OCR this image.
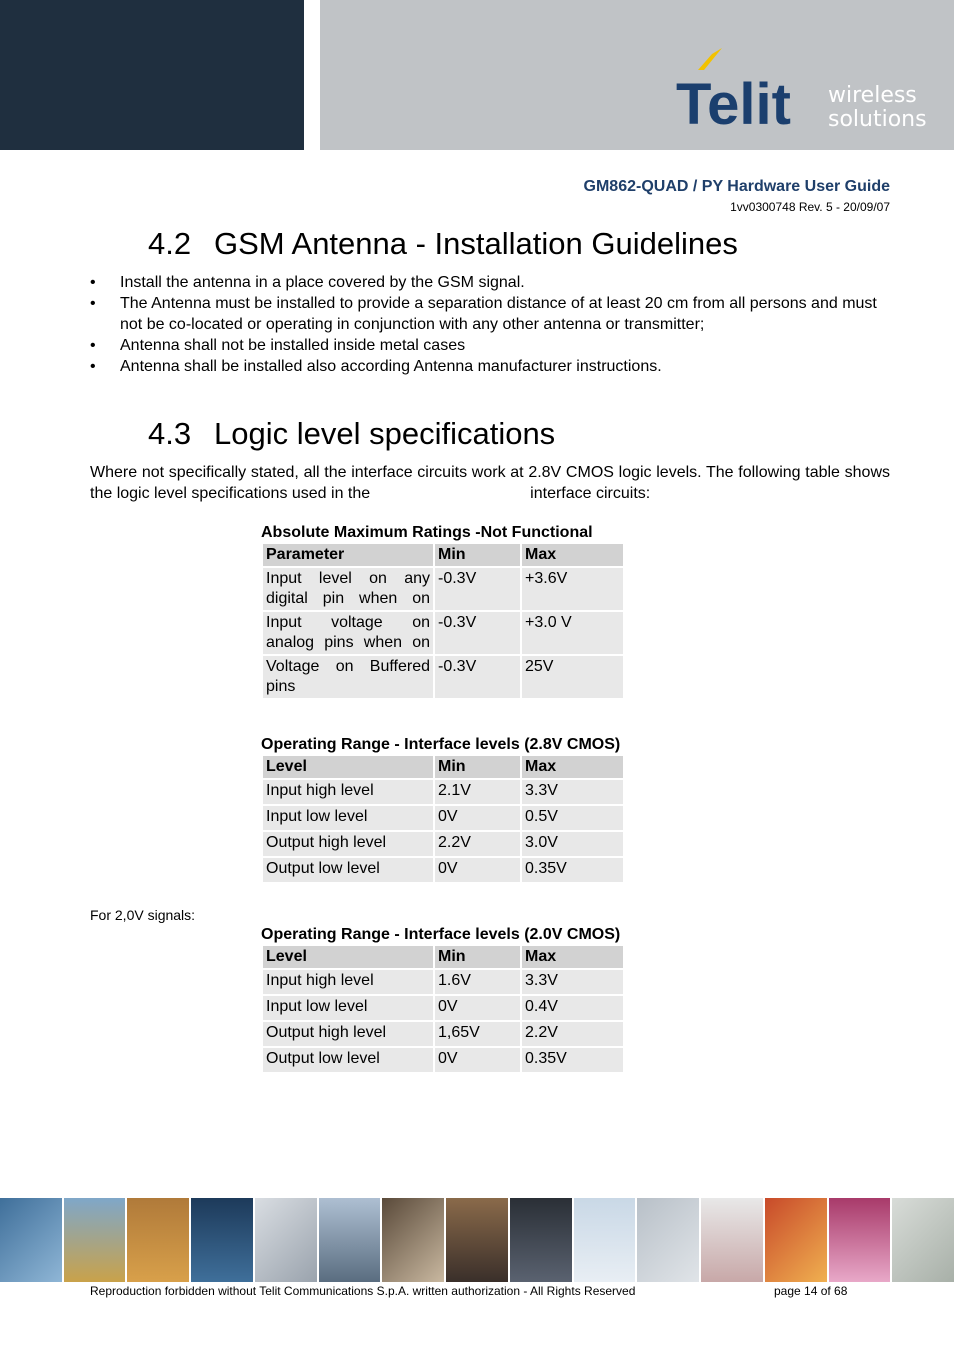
Telit wireless
solutions
GM862-QUAD / PY Hardware User Guide
1vv0300748 Rev. 5 - 20/09/07
4.2 GSM Antenna - Installation Guidelines
•	Install the antenna in a place covered by the GSM signal.
•	The Antenna must be installed to provide a separation distance of at least 20 cm from all persons and must not be co-located or operating in conjunction with any other antenna or transmitter;
•	Antenna shall not be installed inside metal cases
•	Antenna shall be installed also according Antenna manufacturer instructions.
4.3 Logic level specifications
Where not specifically stated, all the interface circuits work at 2.8V CMOS logic levels. The following table shows the logic level specifications used in the	interface circuits:
Absolute Maximum Ratings -Not Functional
Parameter	Min	Max
Input level on any digital pin when on	-0.3V	+3.6V
Input voltage on analog pins when on	-0.3V	+3.0 V
Voltage on Buffered pins	-0.3V	25V
Operating Range - Interface levels (2.8V CMOS)
Level	Min	Max
Input high level	2.1V	3.3V
Input low level	0V	0.5V
Output high level	2.2V	3.0V
Output low level	0V	0.35V
For 2,0V signals:
Operating Range - Interface levels (2.0V CMOS)
Level	Min	Max
Input high level	1.6V	3.3V
Input low level	0V	0.4V
Output high level	1,65V	2.2V
Output low level	0V	0.35V
Reproduction forbidden without Telit Communications S.p.A. written authorization - All Rights Reserved	page 14 of 68
